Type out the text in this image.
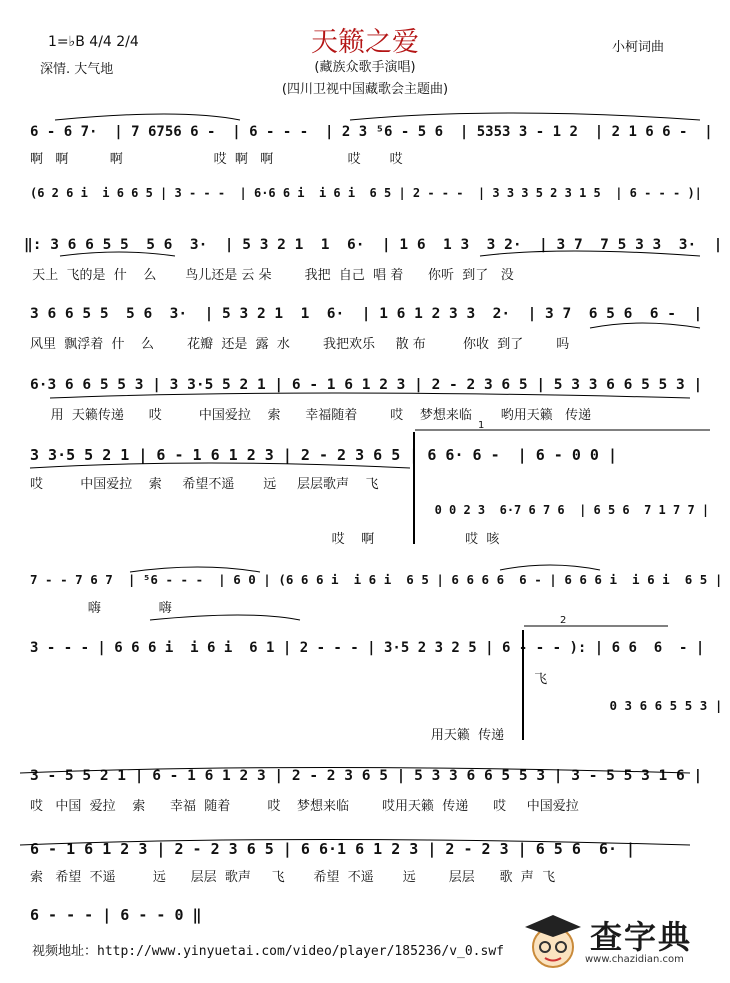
天籁之爱
(藏族众歌手演唱)
(四川卫视中国藏歌会主题曲)
1=♭B 4/4 2/4
深情. 大气地
小柯词曲
6 - 6 7·  | 7 6756 6 -  | 6 - - -  | 2 3 ⁵6 - 5 6  | 5353 3 - 1 2  | 2 1 6 6 -  |
啊   啊          啊                      哎  啊   啊                  哎       哎
(6 2 6 i  i 6 6 5 | 3 - - -  | 6·6 6 i  i 6 i  6 5 | 2 - - -  | 3 3 3 5 2 3 1 5  | 6 - - - )|
‖: 3 6 6 5 5  5 6  3·  | 5 3 2 1  1  6·  | 1 6  1 3  3 2·  | 3 7  7 5 3 3  3·  |
天上  飞的是  什    么       鸟儿还是 云 朵        我把  自己  唱 着      你听  到了   没
3 6 6 5 5  5 6  3·  | 5 3 2 1  1  6·  | 1 6 1 2 3 3  2·  | 3 7  6 5 6  6 -  |
风里  飘浮着  什    么        花瓣  还是  露  水        我把欢乐     散 布         你收  到了        吗
6·3 6 6 5 5 3 | 3 3·5 5 2 1 | 6 - 1 6 1 2 3 | 2 - 2 3 6 5 | 5 3 3 6 6 5 5 3 |
用  天籁传递      哎         中国爱拉    索      幸福随着        哎    梦想来临       哟用天籁   传递
3 3·5 5 2 1 | 6 - 1 6 1 2 3 | 2 - 2 3 6 5 | 6 6· 6 -  | 6 - 0 0 |
哎         中国爱拉    索     希望不遥       远     层层歌声    飞
0 0 2 3  6·7 6 7 6  | 6 5 6  7 1 7 7 |
哎    啊                      哎  咳
7 - - 7 6 7  | ⁵6 - - -  | 6 0 | (6 6 6 i  i 6 i  6 5 | 6 6 6 6  6 - | 6 6 6 i  i 6 i  6 5 |
嗨              嗨
3 - - - | 6 6 6 i  i 6 i  6 1 | 2 - - - | 3·5 2 3 2 5 | 6 - - - ): | 6 6  6  - |
飞
0 3 6 6 5 5 3 |
用天籁  传递
3 - 5 5 2 1 | 6 - 1 6 1 2 3 | 2 - 2 3 6 5 | 5 3 3 6 6 5 5 3 | 3 - 5 5 3 1 6 |
哎   中国  爱拉    索      幸福  随着         哎    梦想来临        哎用天籁  传递      哎     中国爱拉
6 - 1 6 1 2 3 | 2 - 2 3 6 5 | 6 6·1 6 1 2 3 | 2 - 2 3 | 6 5 6  6· |
索   希望  不遥         远      层层  歌声     飞       希望  不遥       远        层层      歌  声  飞
6 - - - | 6 - - 0 ‖
1
2
视频地址：http://www.yinyuetai.com/video/player/185236/v_0.swf	查字典
www.chazidian.com
